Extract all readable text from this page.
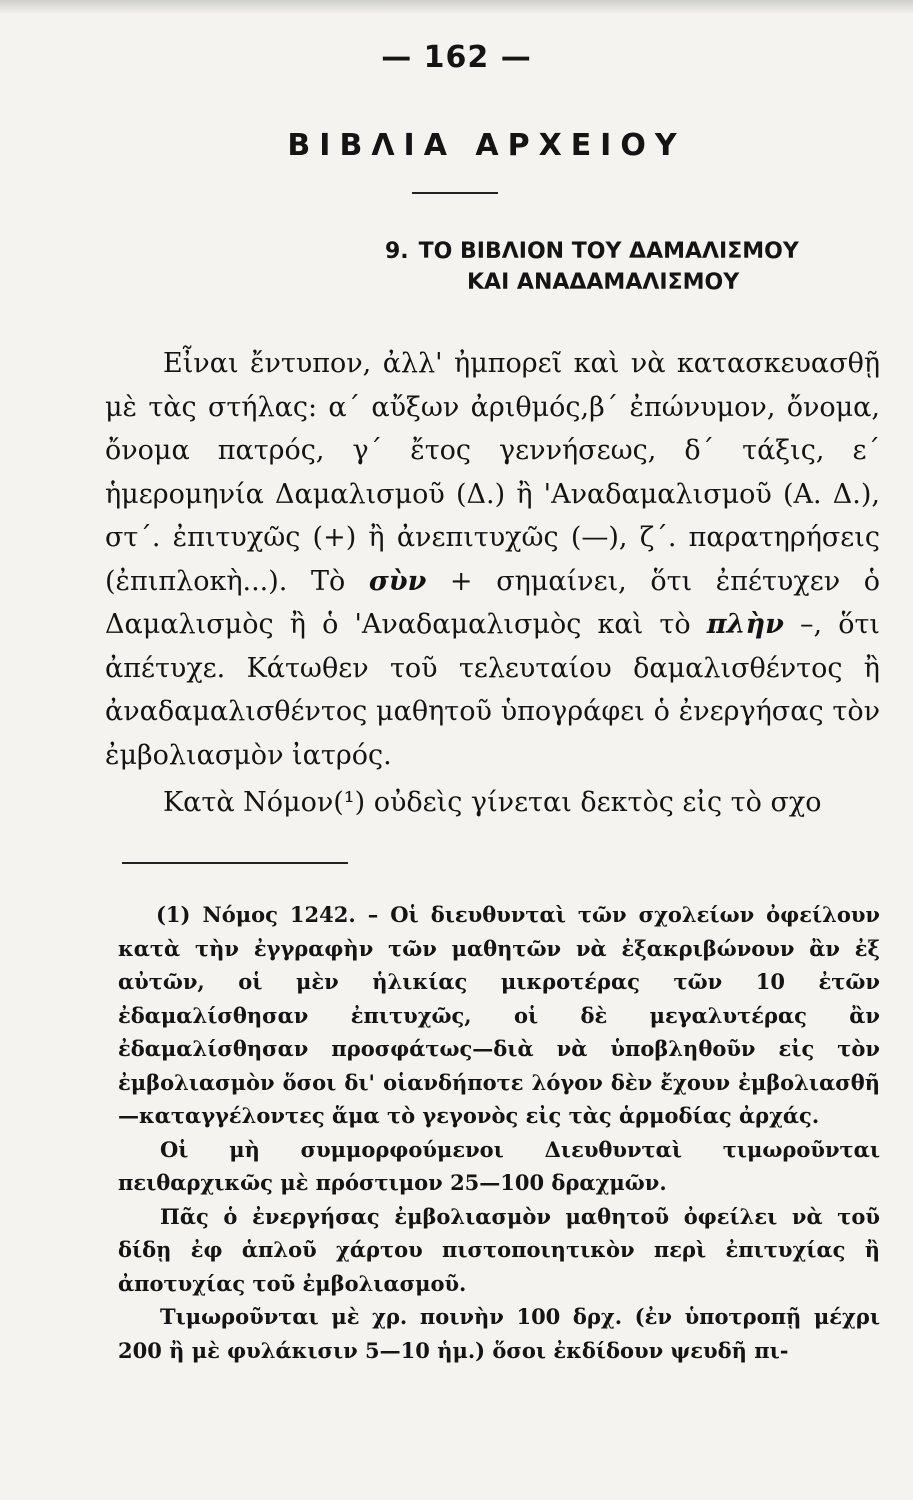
— 162 —
ΒΙΒΛΙΑ ΑΡΧΕΙΟΥ
9. ΤΟ ΒΙΒΛΙΟΝ ΤΟΥ ΔΑΜΑΛΙΣΜΟΥ
ΚΑΙ ΑΝΑΔΑΜΑΛΙΣΜΟΥ

Εἶναι ἔντυπον, ἀλλ' ἠμπορεῖ καὶ νὰ κατασκευασθῇ μὲ τὰς στήλας: α΄ αὔξων ἀριθμός,β΄ ἐπώνυμον, ὄνομα, ὄνομα πατρός, γ΄ ἔτος γεννήσεως, δ΄ τάξις, ε΄ ἡμερομηνία Δαμαλισμοῦ (Δ.) ἢ 'Αναδαμαλισμοῦ (Α. Δ.), στ΄. ἐπιτυχῶς (+) ἢ ἀνεπιτυχῶς (—), ζ΄. παρατηρήσεις (ἐπιπλοκὴ...). Τὸ σὺν + σημαίνει, ὅτι ἐπέτυχεν ὁ Δαμαλισμὸς ἢ ὁ 'Αναδαμαλισμὸς καὶ τὸ πλὴν –, ὅτι ἀπέτυχε. Κάτωθεν τοῦ τελευταίου δαμαλισθέντος ἢ ἀναδαμαλισθέντος μαθητοῦ ὑπογράφει ὁ ἐνεργήσας τὸν ἐμβολιασμὸν ἰατρός.

Κατὰ Νόμον(¹) οὐδεὶς γίνεται δεκτὸς εἰς τὸ σχο

(1) Νόμος 1242. – Οἱ διευθυνταὶ τῶν σχολείων ὀφείλουν κατὰ τὴν ἐγγραφὴν τῶν μαθητῶν νὰ ἐξακριβώνουν ἂν ἐξ αὐτῶν, οἱ μὲν ἡλικίας μικροτέρας τῶν 10 ἐτῶν ἐδαμαλίσθησαν ἐπιτυχῶς, οἱ δὲ μεγαλυτέρας ἂν ἐδαμαλίσθησαν προσφάτως—διὰ νὰ ὑποβληθοῦν εἰς τὸν ἐμβολιασμὸν ὅσοι δι' οἱανδήποτε λόγον δὲν ἔχουν ἐμβολιασθῆ—καταγγέλοντες ἅμα τὸ γεγονὸς εἰς τὰς ἁρμοδίας ἀρχάς.

Οἱ μὴ συμμορφούμενοι Διευθυνταὶ τιμωροῦνται πειθαρχικῶς μὲ πρόστιμον 25—100 δραχμῶν.

Πᾶς ὁ ἐνεργήσας ἐμβολιασμὸν μαθητοῦ ὀφείλει νὰ τοῦ δίδῃ ἐφ ἁπλοῦ χάρτου πιστοποιητικὸν περὶ ἐπιτυχίας ἢ ἀποτυχίας τοῦ ἐμβολιασμοῦ.

Τιμωροῦνται μὲ χρ. ποινὴν 100 δρχ. (ἐν ὑποτροπῇ μέχρι 200 ἢ μὲ φυλάκισιν 5—10 ἡμ.) ὅσοι ἐκδίδουν ψευδῆ πι-
